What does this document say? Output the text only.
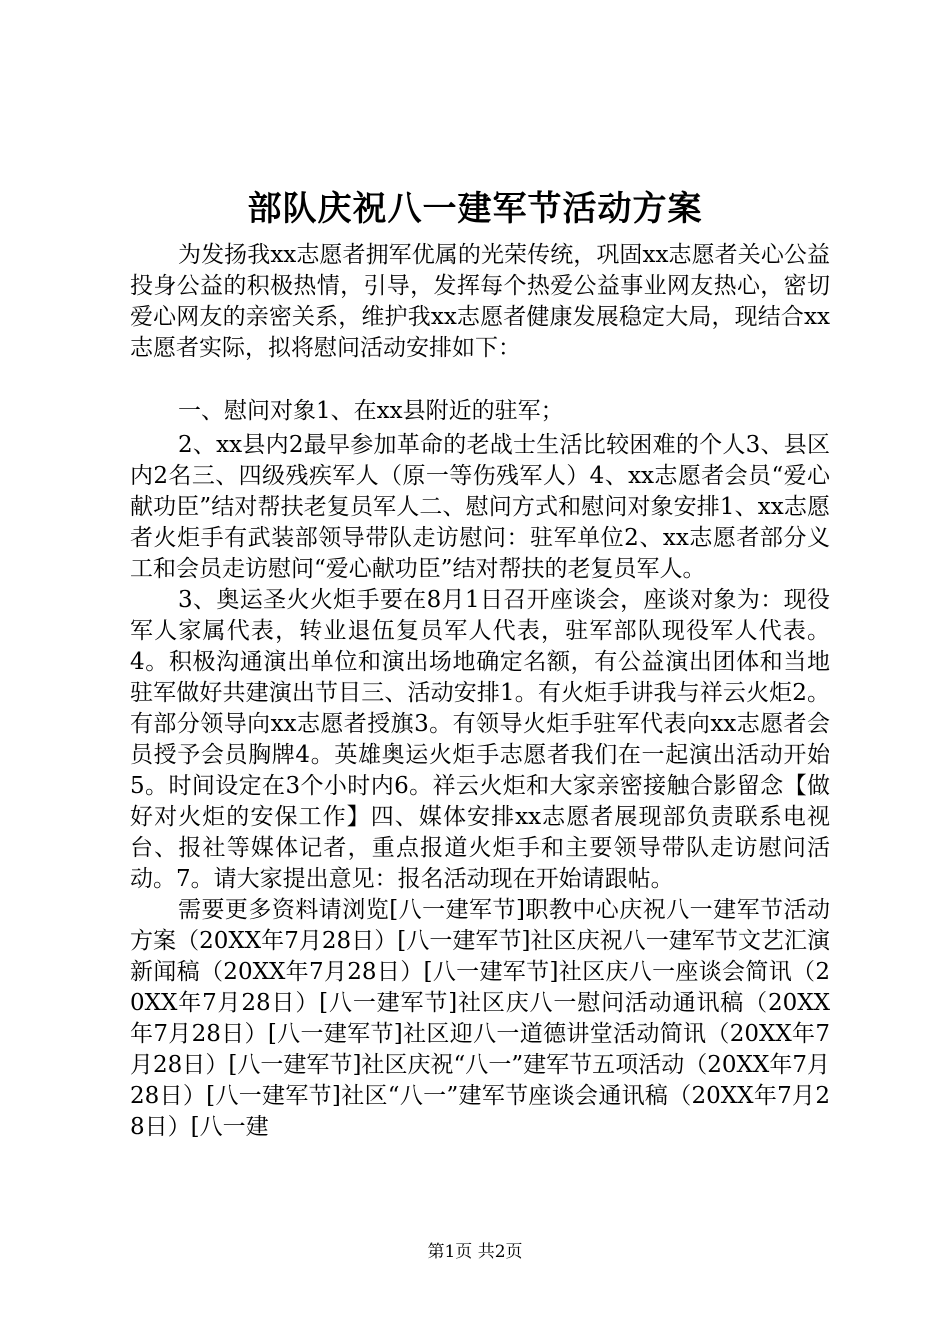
部队庆祝八一建军节活动方案

为发扬我xx志愿者拥军优属的光荣传统，巩固xx志愿者关心公益投身公益的积极热情，引导，发挥每个热爱公益事业网友热心，密切爱心网友的亲密关系，维护我xx志愿者健康发展稳定大局，现结合xx志愿者实际，拟将慰问活动安排如下：

一、慰问对象1、在xx县附近的驻军；

2、xx县内2最早参加革命的老战士生活比较困难的个人3、县区内2名三、四级残疾军人（原一等伤残军人）4、xx志愿者会员“爱心献功臣”结对帮扶老复员军人二、慰问方式和慰问对象安排1、xx志愿者火炬手有武装部领导带队走访慰问：驻军单位2、xx志愿者部分义工和会员走访慰问“爱心献功臣”结对帮扶的老复员军人。

3、奥运圣火火炬手要在8月1日召开座谈会，座谈对象为：现役军人家属代表，转业退伍复员军人代表，驻军部队现役军人代表。4。积极沟通演出单位和演出场地确定名额，有公益演出团体和当地驻军做好共建演出节目三、活动安排1。有火炬手讲我与祥云火炬2。有部分领导向xx志愿者授旗3。有领导火炬手驻军代表向xx志愿者会员授予会员胸牌4。英雄奥运火炬手志愿者我们在一起演出活动开始5。时间设定在3个小时内6。祥云火炬和大家亲密接触合影留念【做好对火炬的安保工作】四、媒体安排xx志愿者展现部负责联系电视台、报社等媒体记者，重点报道火炬手和主要领导带队走访慰问活动。7。请大家提出意见：报名活动现在开始请跟帖。

需要更多资料请浏览[八一建军节]职教中心庆祝八一建军节活动方案（20XX年7月28日）[八一建军节]社区庆祝八一建军节文艺汇演新闻稿（20XX年7月28日）[八一建军节]社区庆八一座谈会简讯（20XX年7月28日）[八一建军节]社区庆八一慰问活动通讯稿（20XX年7月28日）[八一建军节]社区迎八一道德讲堂活动简讯（20XX年7月28日）[八一建军节]社区庆祝“八一”建军节五项活动（20XX年7月28日）[八一建军节]社区“八一”建军节座谈会通讯稿（20XX年7月28日）[八一建

第1页 共2页
